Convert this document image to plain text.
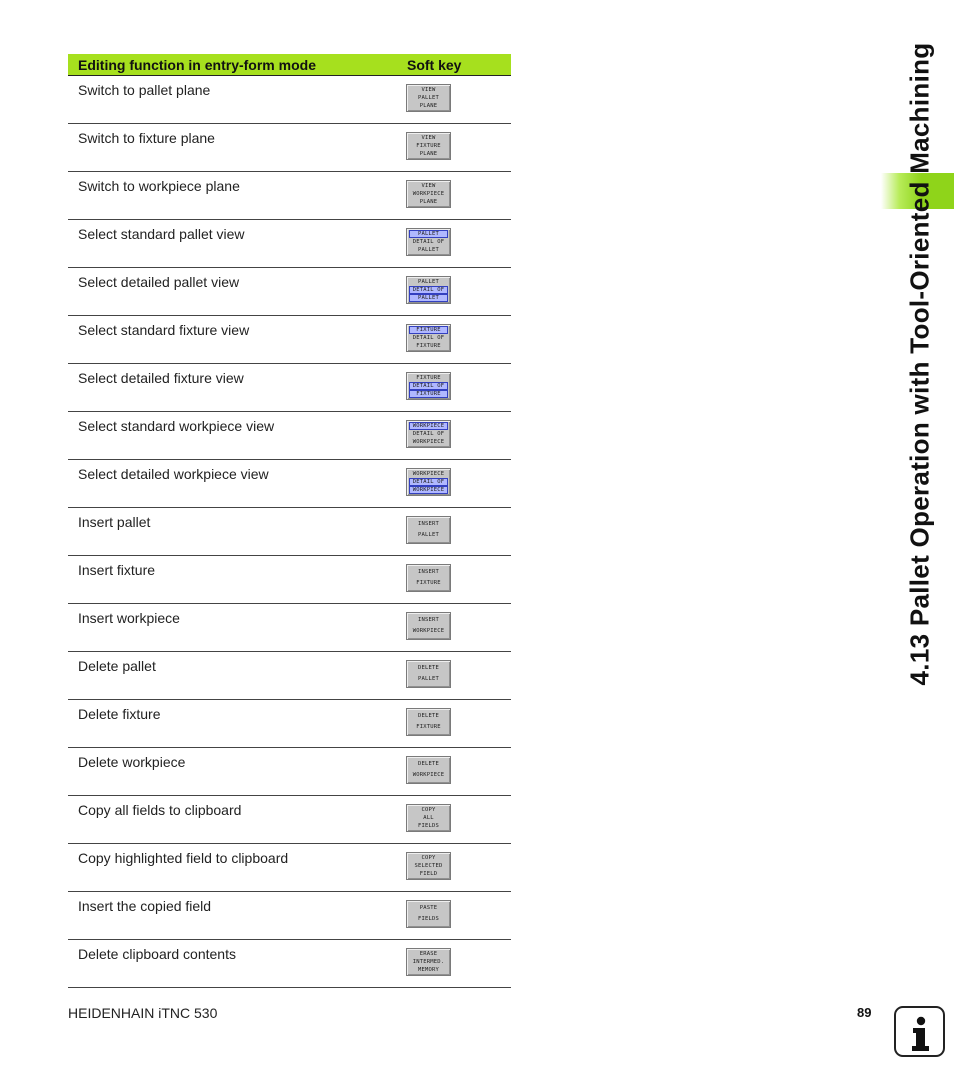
4.13 Pallet Operation with Tool-Oriented Machining
Editing function in entry-form mode	Soft key
Switch to pallet plane	VIEW
PALLET
PLANE
Switch to fixture plane	VIEW
FIXTURE
PLANE
Switch to workpiece plane	VIEW
WORKPIECE
PLANE
Select standard pallet view	PALLET
DETAIL OF
PALLET
Select detailed pallet view	PALLET
DETAIL OF
PALLET
Select standard fixture view	FIXTURE
DETAIL OF
FIXTURE
Select detailed fixture view	FIXTURE
DETAIL OF
FIXTURE
Select standard workpiece view	WORKPIECE
DETAIL OF
WORKPIECE
Select detailed workpiece view	WORKPIECE
DETAIL OF
WORKPIECE
Insert pallet	INSERT
PALLET
Insert fixture	INSERT
FIXTURE
Insert workpiece	INSERT
WORKPIECE
Delete pallet	DELETE
PALLET
Delete fixture	DELETE
FIXTURE
Delete workpiece	DELETE
WORKPIECE
Copy all fields to clipboard	COPY
ALL
FIELDS
Copy highlighted field to clipboard	COPY
SELECTED
FIELD
Insert the copied field	PASTE
FIELDS
Delete clipboard contents	ERASE
INTERMED.
MEMORY
HEIDENHAIN iTNC 530	89
